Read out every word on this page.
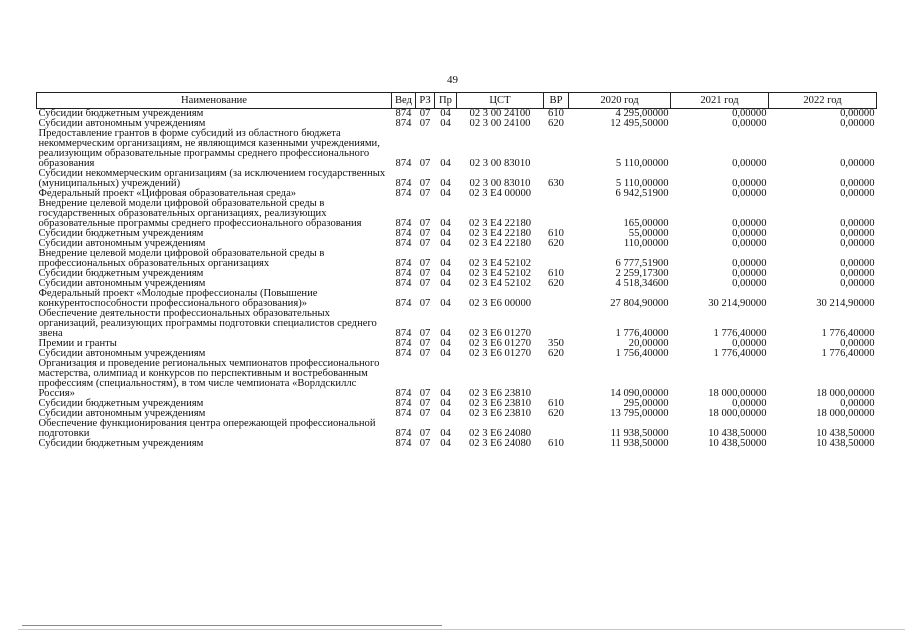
49
Наименование	Вед	РЗ	Пр	ЦСТ	ВР	2020 год	2021 год	2022 год
Субсидии бюджетным учреждениям	874	07	04	02 3 00 24100	610	4 295,00000	0,00000	0,00000
Субсидии автономным учреждениям	874	07	04	02 3 00 24100	620	12 495,50000	0,00000	0,00000
Предоставление грантов в форме субсидий из областного бюджета некоммерческим организациям, не являющимся казенными учреждениями, реализующим образовательные программы среднего профессионального образования	874	07	04	02 3 00 83010		5 110,00000	0,00000	0,00000
Субсидии некоммерческим организациям (за исключением государственных (муниципальных) учреждений)	874	07	04	02 3 00 83010	630	5 110,00000	0,00000	0,00000
Федеральный проект «Цифровая образовательная среда»	874	07	04	02 3 E4 00000		6 942,51900	0,00000	0,00000
Внедрение целевой модели цифровой образовательной среды в государственных образовательных организациях, реализующих образовательные программы среднего профессионального образования	874	07	04	02 3 E4 22180		165,00000	0,00000	0,00000
Субсидии бюджетным учреждениям	874	07	04	02 3 E4 22180	610	55,00000	0,00000	0,00000
Субсидии автономным учреждениям	874	07	04	02 3 E4 22180	620	110,00000	0,00000	0,00000
Внедрение целевой модели цифровой образовательной среды в профессиональных образовательных организациях	874	07	04	02 3 E4 52102		6 777,51900	0,00000	0,00000
Субсидии бюджетным учреждениям	874	07	04	02 3 E4 52102	610	2 259,17300	0,00000	0,00000
Субсидии автономным учреждениям	874	07	04	02 3 E4 52102	620	4 518,34600	0,00000	0,00000
Федеральный проект «Молодые профессионалы (Повышение конкурентоспособности профессионального образования)»	874	07	04	02 3 E6 00000		27 804,90000	30 214,90000	30 214,90000
Обеспечение деятельности профессиональных образовательных организаций, реализующих программы подготовки специалистов среднего звена	874	07	04	02 3 E6 01270		1 776,40000	1 776,40000	1 776,40000
Премии и гранты	874	07	04	02 3 E6 01270	350	20,00000	0,00000	0,00000
Субсидии автономным учреждениям	874	07	04	02 3 E6 01270	620	1 756,40000	1 776,40000	1 776,40000
Организация и проведение региональных чемпионатов профессионального мастерства, олимпиад и конкурсов по перспективным и востребованным профессиям (специальностям), в том числе чемпионата «Ворлдскиллс Россия»	874	07	04	02 3 E6 23810		14 090,00000	18 000,00000	18 000,00000
Субсидии бюджетным учреждениям	874	07	04	02 3 E6 23810	610	295,00000	0,00000	0,00000
Субсидии автономным учреждениям	874	07	04	02 3 E6 23810	620	13 795,00000	18 000,00000	18 000,00000
Обеспечение функционирования центра опережающей профессиональной подготовки	874	07	04	02 3 E6 24080		11 938,50000	10 438,50000	10 438,50000
Субсидии бюджетным учреждениям	874	07	04	02 3 E6 24080	610	11 938,50000	10 438,50000	10 438,50000
